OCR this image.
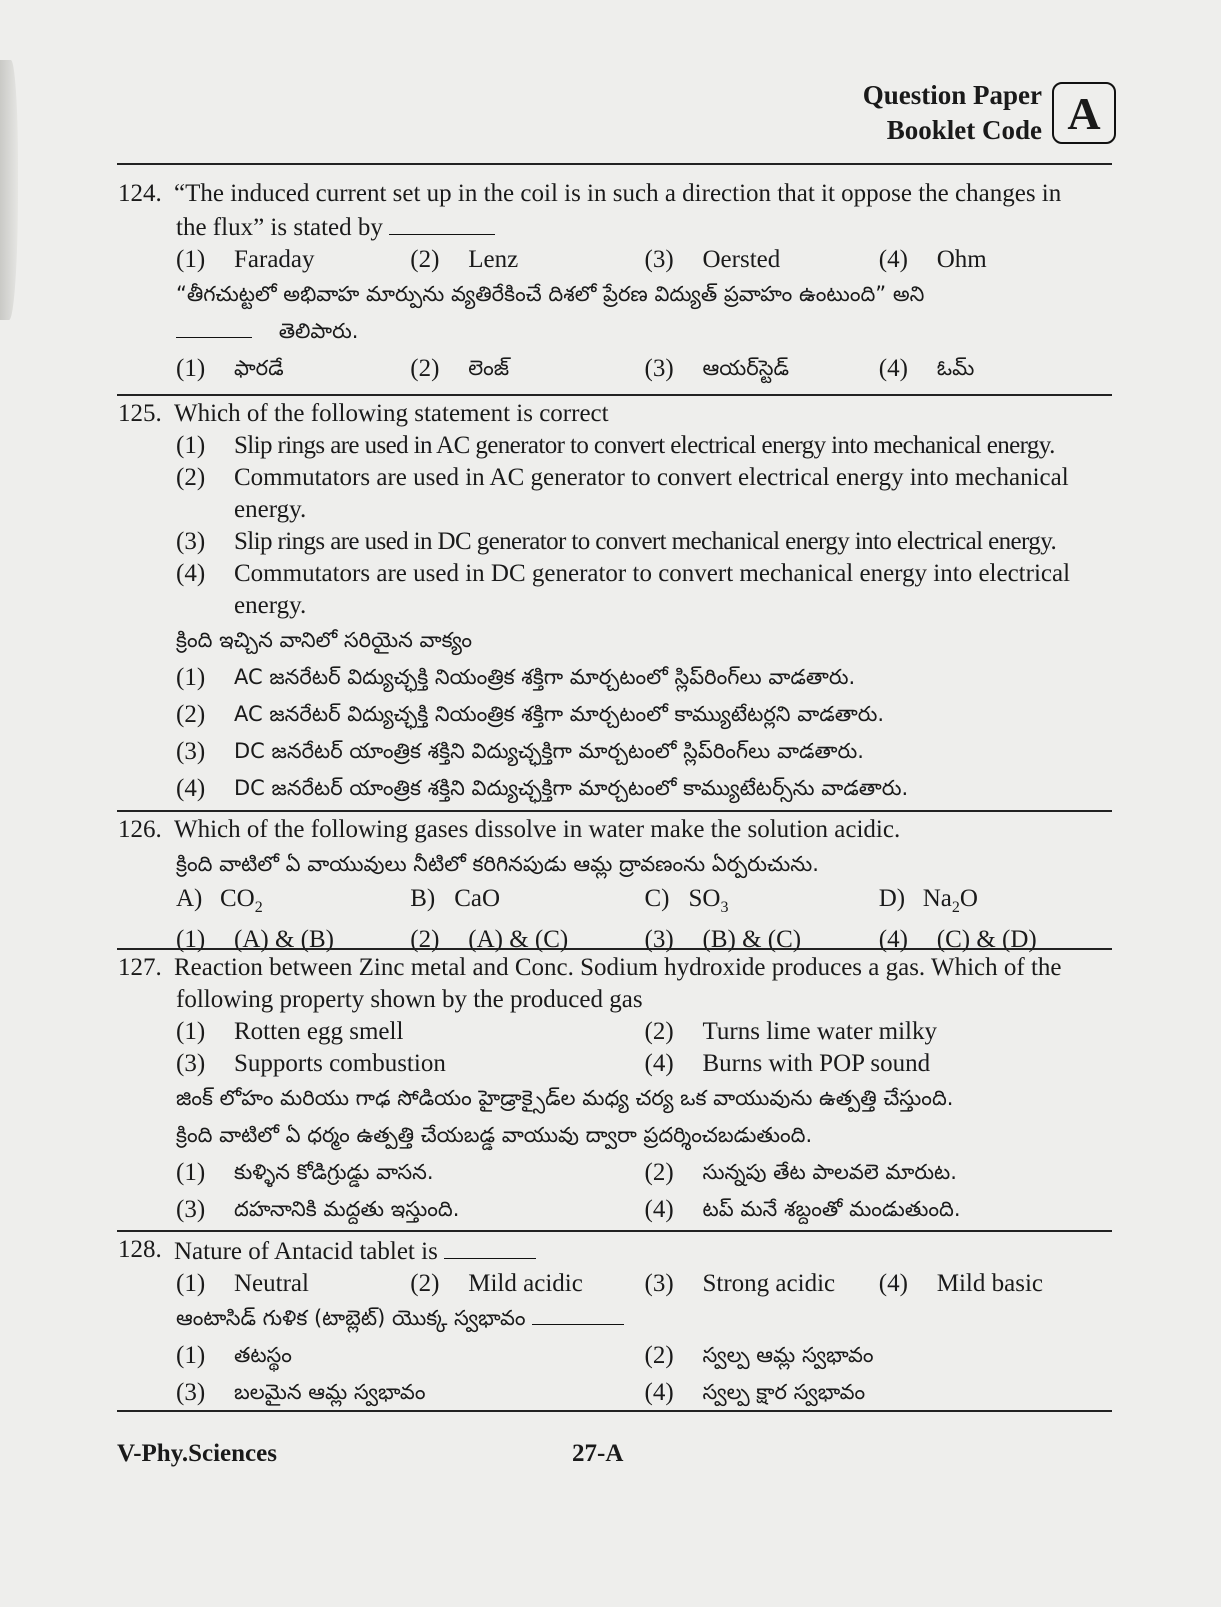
Question Paper
Booklet Code A
124. “The induced current set up in the coil is in such a direction that it oppose the changes in
the flux” is stated by
(1)	Faraday	(2)	Lenz	(3)	Oersted	(4)	Ohm
“తీగచుట్టలో అభివాహ మార్పును వ్యతిరేకించే దిశలో ప్రేరణ విద్యుత్ ప్రవాహం ఉంటుంది” అని
తెలిపారు.
(1)	ఫారడే	(2)	లెంజ్	(3)	ఆయర్‌స్టెడ్	(4)	ఓమ్
125. Which of the following statement is correct
(1)	Slip rings are used in AC generator to convert electrical energy into mechanical energy.
(2)	Commutators are used in AC generator to convert electrical energy into mechanical energy.
(3)	Slip rings are used in DC generator to convert mechanical energy into electrical energy.
(4)	Commutators are used in DC generator to convert mechanical energy into electrical energy.
క్రింది ఇచ్చిన వానిలో సరియైన వాక్యం
(1)	AC జనరేటర్ విద్యుచ్ఛక్తి నియంత్రిక శక్తిగా మార్చటంలో స్లిప్‌రింగ్‌లు వాడతారు.
(2)	AC జనరేటర్ విద్యుచ్ఛక్తి నియంత్రిక శక్తిగా మార్చటంలో కామ్యుటేటర్లని వాడతారు.
(3)	DC జనరేటర్ యాంత్రిక శక్తిని విద్యుచ్ఛక్తిగా మార్చటంలో స్లిప్‌రింగ్‌లు వాడతారు.
(4)	DC జనరేటర్ యాంత్రిక శక్తిని విద్యుచ్ఛక్తిగా మార్చటంలో కామ్యుటేటర్స్‌ను వాడతారు.
126. Which of the following gases dissolve in water make the solution acidic.
క్రింది వాటిలో ఏ వాయువులు నీటిలో కరిగినపుడు ఆమ్ల ద్రావణంను ఏర్పరుచును.
A) $CO_2$	B) CaO	C) $SO_3$	D) $Na_2O$
(1)	(A) & (B)	(2)	(A) & (C)	(3)	(B) & (C)	(4)	(C) & (D)
127. Reaction between Zinc metal and Conc. Sodium hydroxide produces a gas. Which of the
following property shown by the produced gas
(1)	Rotten egg smell	(2)	Turns lime water milky
(3)	Supports combustion	(4)	Burns with POP sound
జింక్ లోహం మరియు గాఢ సోడియం హైడ్రాక్సైడ్‌ల మధ్య చర్య ఒక వాయువును ఉత్పత్తి చేస్తుంది.
క్రింది వాటిలో ఏ ధర్మం ఉత్పత్తి చేయబడ్డ వాయువు ద్వారా ప్రదర్శించబడుతుంది.
(1)	కుళ్ళిన కోడిగ్రుడ్డు వాసన.	(2)	సున్నపు తేట పాలవలె మారుట.
(3)	దహనానికి మద్దతు ఇస్తుంది.	(4)	టప్ మనే శబ్దంతో మండుతుంది.
128. Nature of Antacid tablet is
(1)	Neutral	(2)	Mild acidic (3)	Strong acidic (4)	Mild basic
ఆంటాసిడ్ గుళిక (టాబ్లెట్) యొక్క స్వభావం
(1)	తటస్థం	(2)	స్వల్ప ఆమ్ల స్వభావం
(3)	బలమైన ఆమ్ల స్వభావం	(4)	స్వల్ప క్షార స్వభావం
V-Phy.Sciences	27-A
